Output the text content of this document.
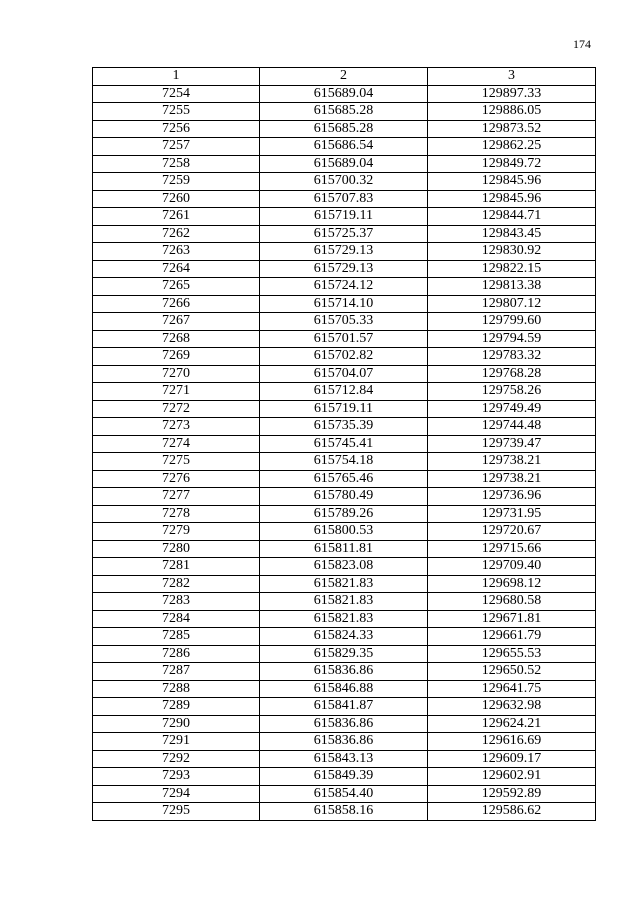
174
1	2	3
7254	615689.04	129897.33
7255	615685.28	129886.05
7256	615685.28	129873.52
7257	615686.54	129862.25
7258	615689.04	129849.72
7259	615700.32	129845.96
7260	615707.83	129845.96
7261	615719.11	129844.71
7262	615725.37	129843.45
7263	615729.13	129830.92
7264	615729.13	129822.15
7265	615724.12	129813.38
7266	615714.10	129807.12
7267	615705.33	129799.60
7268	615701.57	129794.59
7269	615702.82	129783.32
7270	615704.07	129768.28
7271	615712.84	129758.26
7272	615719.11	129749.49
7273	615735.39	129744.48
7274	615745.41	129739.47
7275	615754.18	129738.21
7276	615765.46	129738.21
7277	615780.49	129736.96
7278	615789.26	129731.95
7279	615800.53	129720.67
7280	615811.81	129715.66
7281	615823.08	129709.40
7282	615821.83	129698.12
7283	615821.83	129680.58
7284	615821.83	129671.81
7285	615824.33	129661.79
7286	615829.35	129655.53
7287	615836.86	129650.52
7288	615846.88	129641.75
7289	615841.87	129632.98
7290	615836.86	129624.21
7291	615836.86	129616.69
7292	615843.13	129609.17
7293	615849.39	129602.91
7294	615854.40	129592.89
7295	615858.16	129586.62
